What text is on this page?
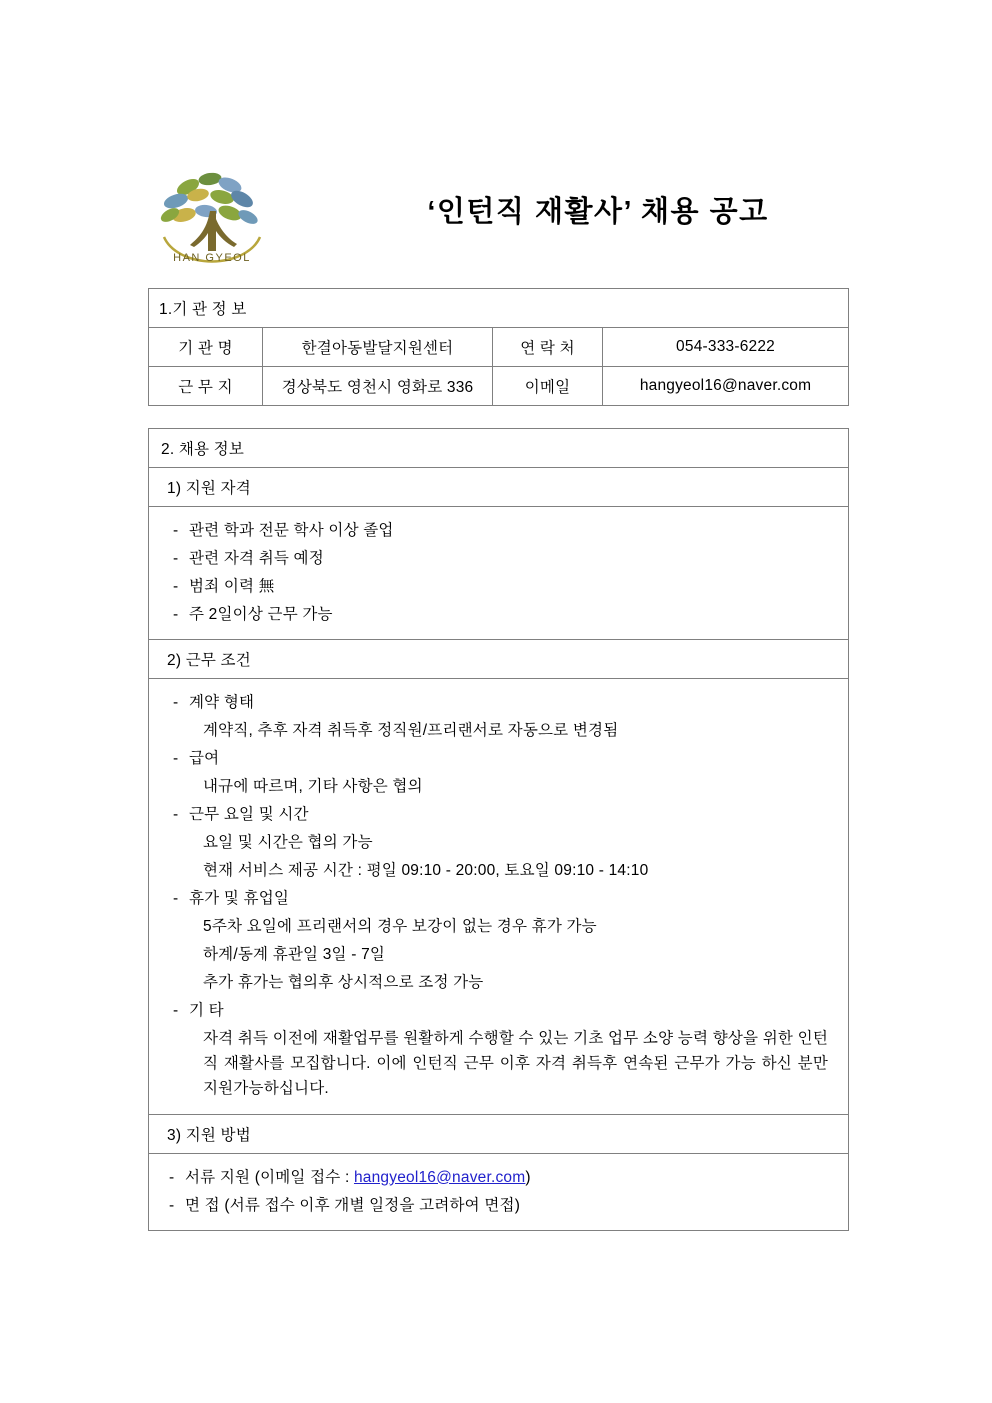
HAN GYEOL
‘인턴직 재활사’ 채용 공고
1.기 관 정 보			
기 관 명	한결아동발달지원센터	연 락 처	054-333-6222
근 무 지	경상북도 영천시 영화로 336	이메일	hangyeol16@naver.com
2. 채용 정보
1) 지원 자격

- 관련 학과 전문 학사 이상 졸업
- 관련 자격 취득 예정
- 범죄 이력 無
- 주 2일이상 근무 가능

2) 근무 조건

- 계약 형태
계약직, 추후 자격 취득후 정직원/프리랜서로 자동으로 변경됨
- 급여
내규에 따르며, 기타 사항은 협의
- 근무 요일 및 시간
요일 및 시간은 협의 가능
현재 서비스 제공 시간 : 평일 09:10 - 20:00, 토요일 09:10 - 14:10
- 휴가 및 휴업일
5주차 요일에 프리랜서의 경우 보강이 없는 경우 휴가 가능
하계/동계 휴관일 3일 - 7일
추가 휴가는 협의후 상시적으로 조정 가능
- 기 타
자격 취득 이전에 재활업무를 원활하게 수행할 수 있는 기초 업무 소양 능력 향상을 위한 인턴직 재활사를 모집합니다. 이에 인턴직 근무 이후 자격 취득후 연속된 근무가 가능 하신 분만 지원가능하십니다.

3) 지원 방법

- 서류 지원 (이메일 접수 : hangyeol16@naver.com)
- 면 접 (서류 접수 이후 개별 일정을 고려하여 면접)
